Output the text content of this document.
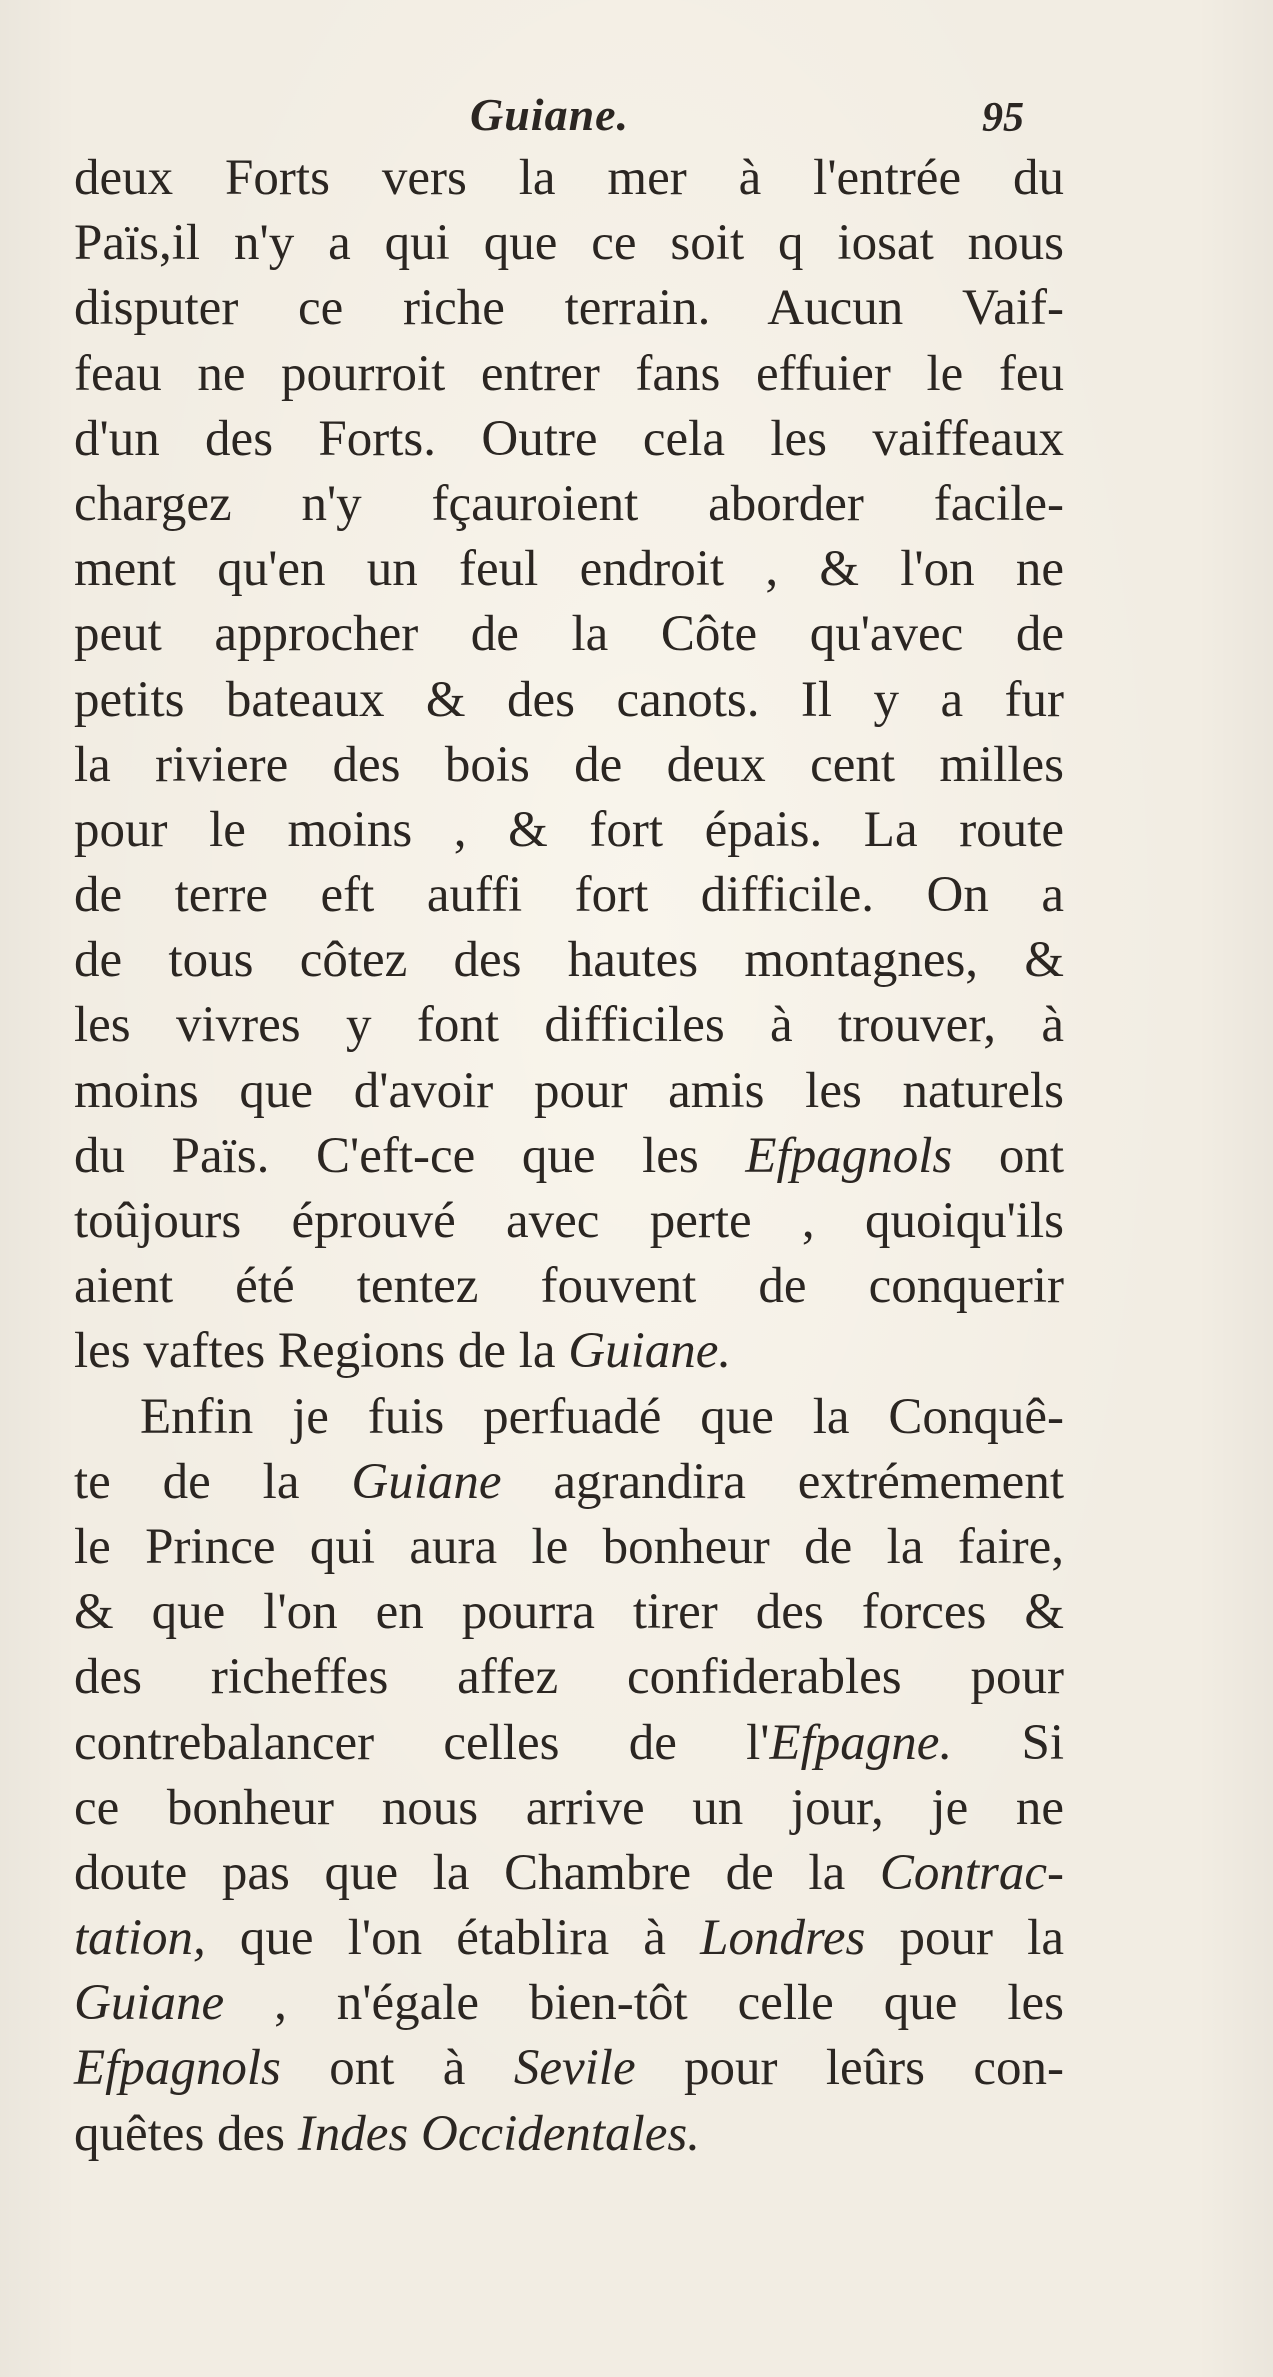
Guiane.	95
deux Forts vers la mer à l'entrée du
Païs,il n'y a qui que ce soit q iosat nous
disputer ce riche terrain. Aucun Vaif-
feau ne pourroit entrer fans effuier le feu
d'un des Forts. Outre cela les vaiffeaux
chargez n'y fçauroient aborder facile-
ment qu'en un feul endroit , & l'on ne
peut approcher de la Côte qu'avec de
petits bateaux & des canots. Il y a fur
la riviere des bois de deux cent milles
pour le moins , & fort épais. La route
de terre eft auffi fort difficile. On a
de tous côtez des hautes montagnes, &
les vivres y font difficiles à trouver, à
moins que d'avoir pour amis les naturels
du Païs. C'eft-ce que les Efpagnols ont
toûjours éprouvé avec perte , quoiqu'ils
aient été tentez fouvent de conquerir
les vaftes Regions de la Guiane.
Enfin je fuis perfuadé que la Conquê-
te de la Guiane agrandira extrémement
le Prince qui aura le bonheur de la faire,
& que l'on en pourra tirer des forces &
des richeffes affez confiderables pour
contrebalancer celles de l'Efpagne. Si
ce bonheur nous arrive un jour, je ne
doute pas que la Chambre de la Contrac-
tation, que l'on établira à Londres pour la
Guiane , n'égale bien-tôt celle que les
Efpagnols ont à Sevile pour leûrs con-
quêtes des Indes Occidentales.
